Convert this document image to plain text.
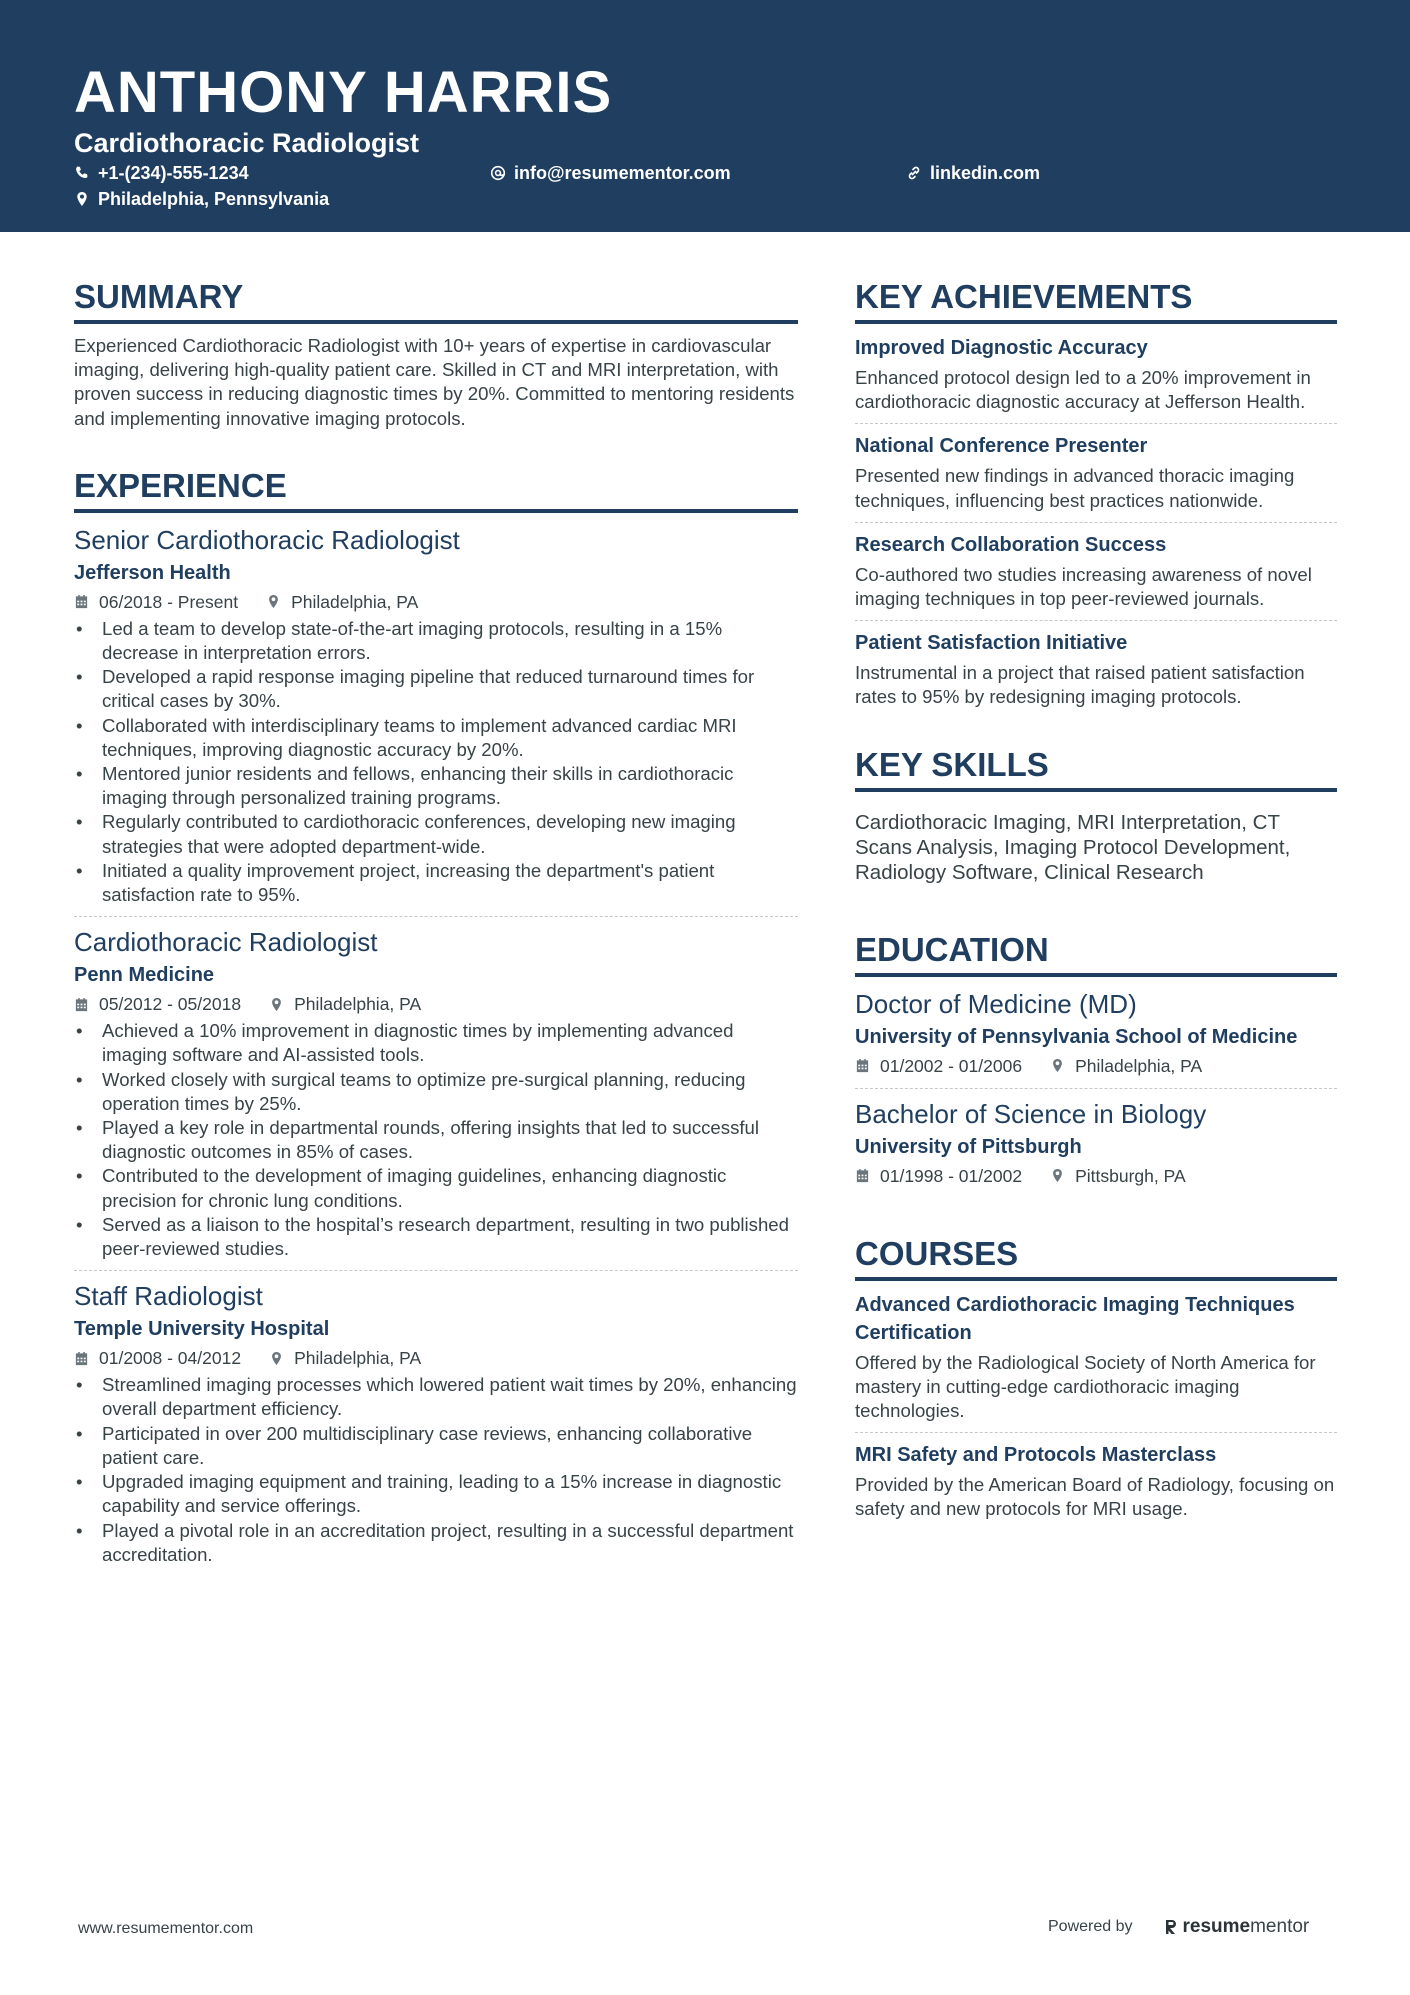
ANTHONY HARRIS
Cardiothoracic Radiologist
+1-(234)-555-1234	info@resumementor.com	linkedin.com
Philadelphia, Pennsylvania
SUMMARY
Experienced Cardiothoracic Radiologist with 10+ years of expertise in cardiovascular imaging, delivering high-quality patient care. Skilled in CT and MRI interpretation, with proven success in reducing diagnostic times by 20%. Committed to mentoring residents and implementing innovative imaging protocols.
EXPERIENCE
Senior Cardiothoracic Radiologist
Jefferson Health
06/2018 - Present	Philadelphia, PA
• Led a team to develop state-of-the-art imaging protocols, resulting in a 15% decrease in interpretation errors.
• Developed a rapid response imaging pipeline that reduced turnaround times for critical cases by 30%.
• Collaborated with interdisciplinary teams to implement advanced cardiac MRI techniques, improving diagnostic accuracy by 20%.
• Mentored junior residents and fellows, enhancing their skills in cardiothoracic imaging through personalized training programs.
• Regularly contributed to cardiothoracic conferences, developing new imaging strategies that were adopted department-wide.
• Initiated a quality improvement project, increasing the department's patient satisfaction rate to 95%.
Cardiothoracic Radiologist
Penn Medicine
05/2012 - 05/2018	Philadelphia, PA
• Achieved a 10% improvement in diagnostic times by implementing advanced imaging software and AI-assisted tools.
• Worked closely with surgical teams to optimize pre-surgical planning, reducing operation times by 25%.
• Played a key role in departmental rounds, offering insights that led to successful diagnostic outcomes in 85% of cases.
• Contributed to the development of imaging guidelines, enhancing diagnostic precision for chronic lung conditions.
• Served as a liaison to the hospital’s research department, resulting in two published peer-reviewed studies.
Staff Radiologist
Temple University Hospital
01/2008 - 04/2012	Philadelphia, PA
• Streamlined imaging processes which lowered patient wait times by 20%, enhancing overall department efficiency.
• Participated in over 200 multidisciplinary case reviews, enhancing collaborative patient care.
• Upgraded imaging equipment and training, leading to a 15% increase in diagnostic capability and service offerings.
• Played a pivotal role in an accreditation project, resulting in a successful department accreditation.
KEY ACHIEVEMENTS
Improved Diagnostic Accuracy
Enhanced protocol design led to a 20% improvement in cardiothoracic diagnostic accuracy at Jefferson Health.
National Conference Presenter
Presented new findings in advanced thoracic imaging techniques, influencing best practices nationwide.
Research Collaboration Success
Co-authored two studies increasing awareness of novel imaging techniques in top peer-reviewed journals.
Patient Satisfaction Initiative
Instrumental in a project that raised patient satisfaction rates to 95% by redesigning imaging protocols.
KEY SKILLS
Cardiothoracic Imaging, MRI Interpretation, CT Scans Analysis, Imaging Protocol Development, Radiology Software, Clinical Research
EDUCATION
Doctor of Medicine (MD)
University of Pennsylvania School of Medicine
01/2002 - 01/2006	Philadelphia, PA
Bachelor of Science in Biology
University of Pittsburgh
01/1998 - 01/2002	Pittsburgh, PA
COURSES
Advanced Cardiothoracic Imaging Techniques Certification
Offered by the Radiological Society of North America for mastery in cutting-edge cardiothoracic imaging technologies.
MRI Safety and Protocols Masterclass
Provided by the American Board of Radiology, focusing on safety and new protocols for MRI usage.
www.resumementor.com	Powered by	resume mentor
